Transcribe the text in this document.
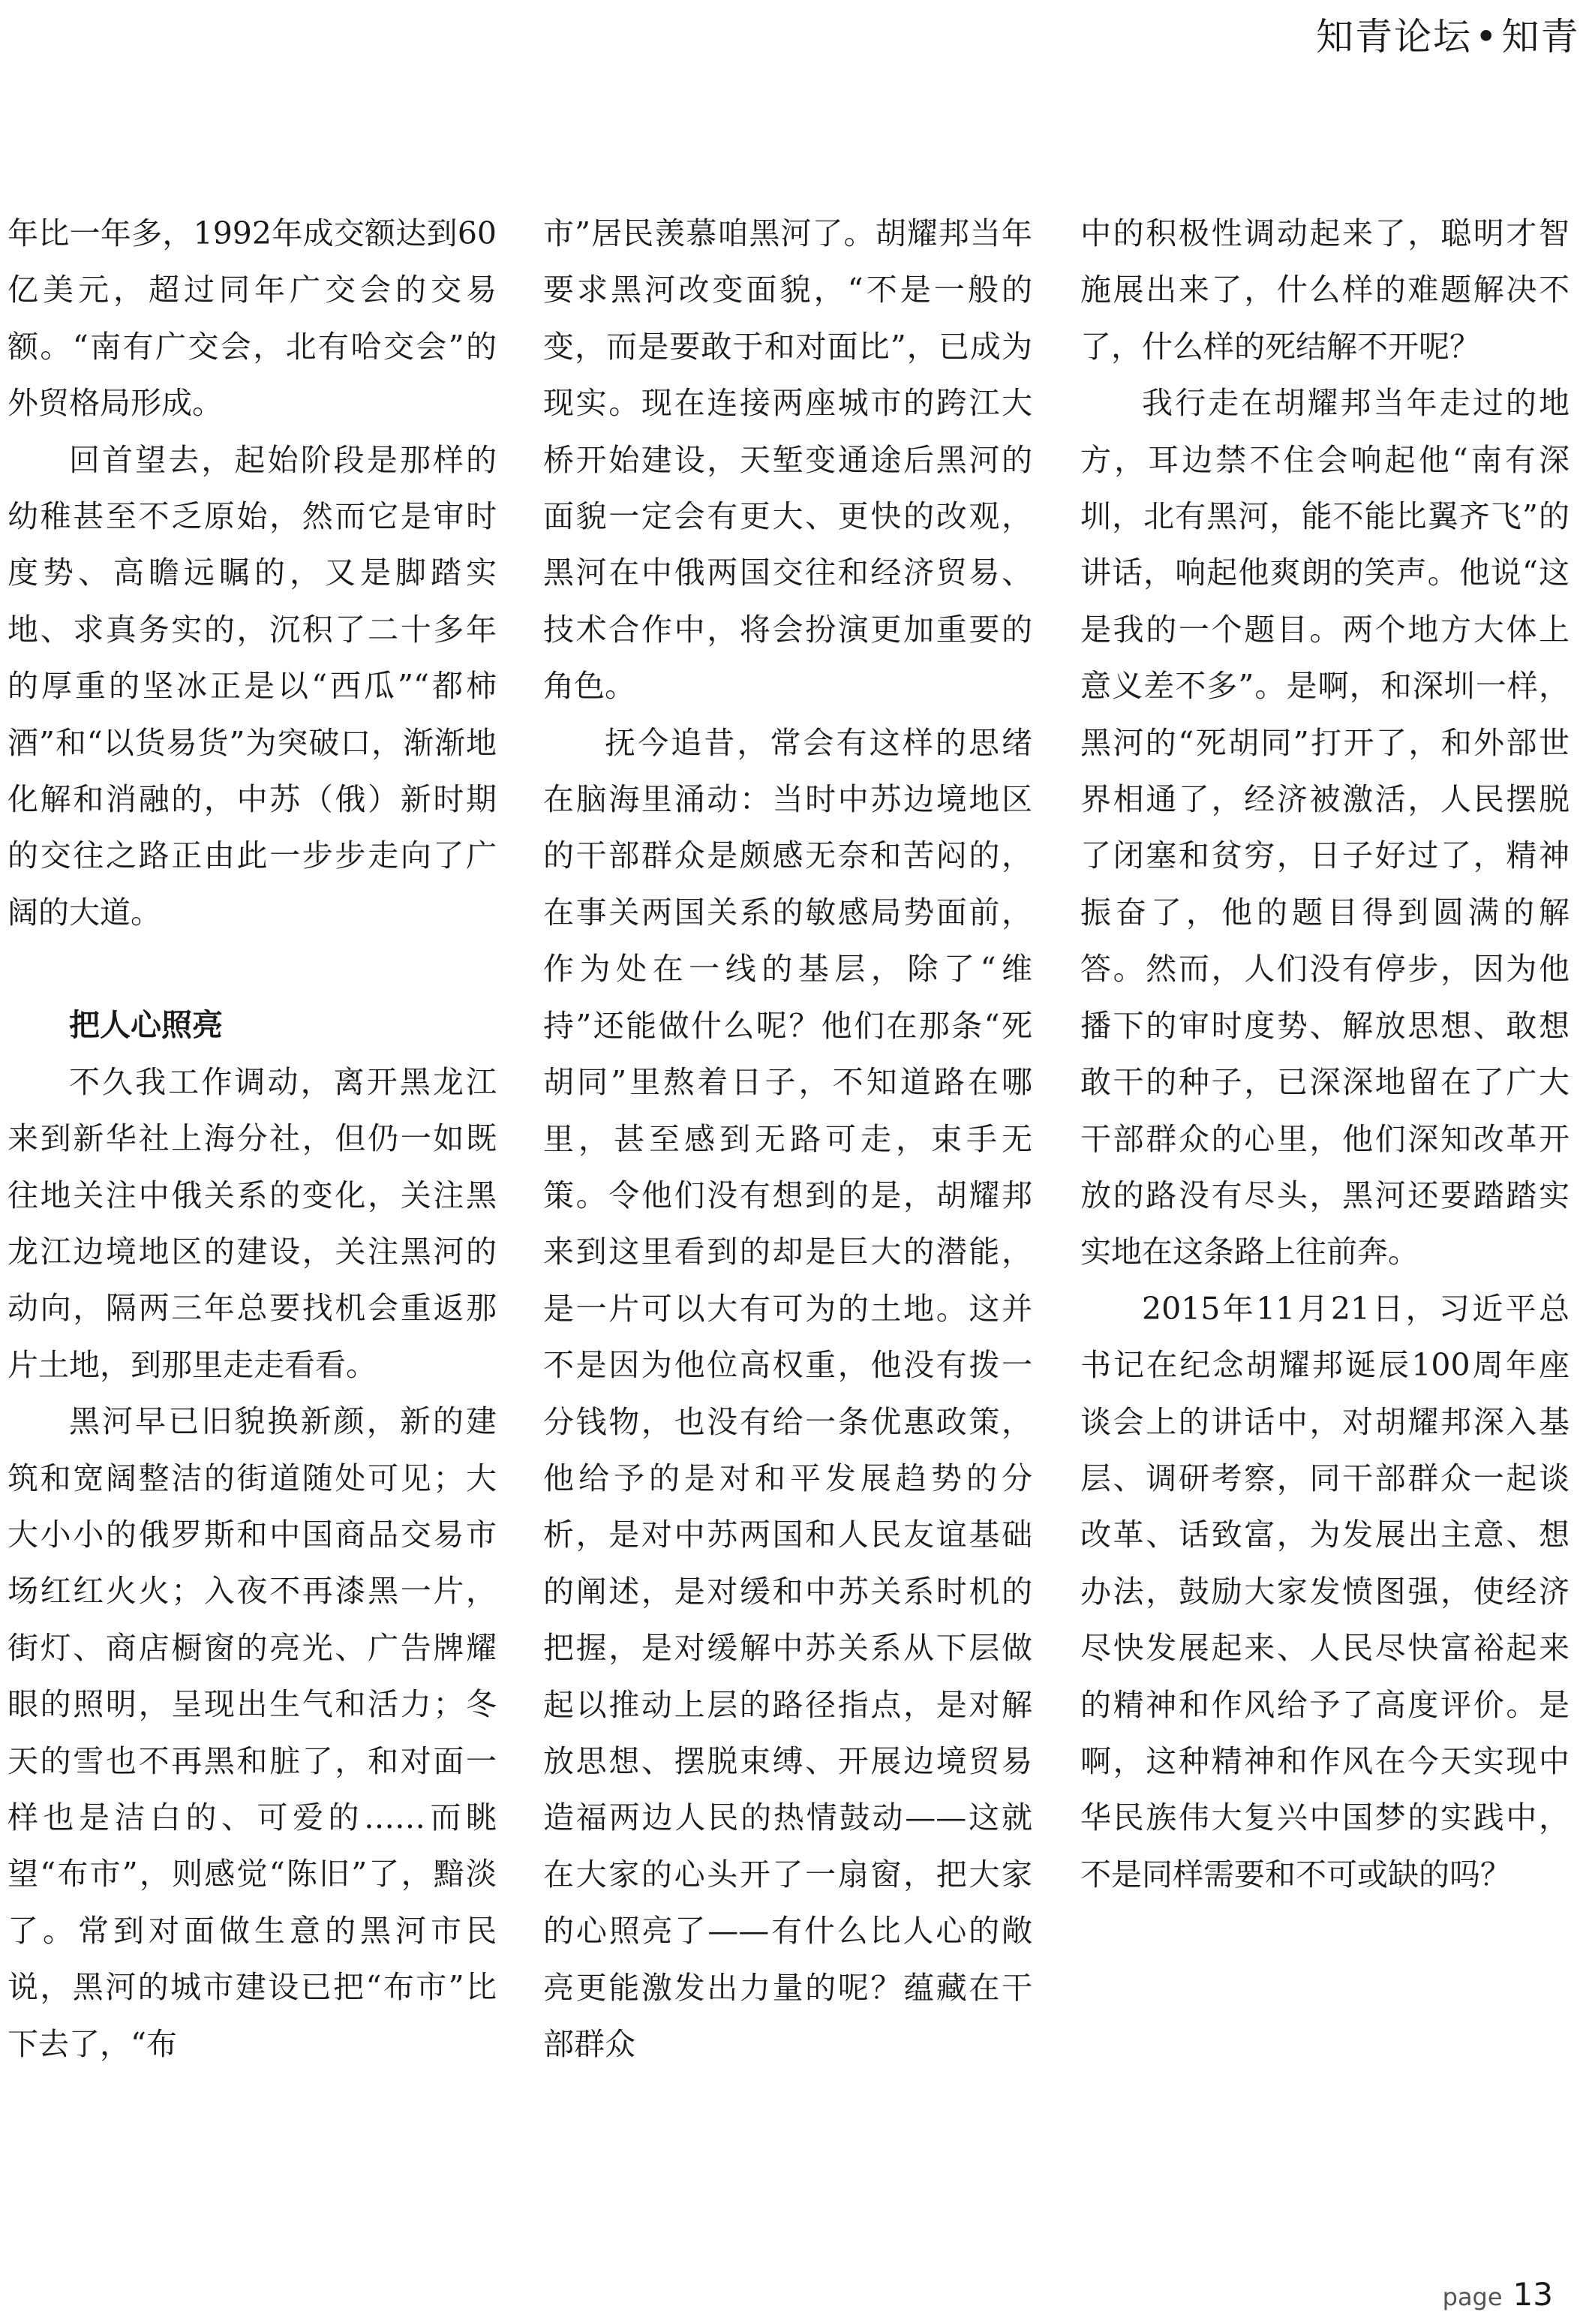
知青论坛•知青

年比一年多，1992年成交额达到60亿美元，超过同年广交会的交易额。“南有广交会，北有哈交会”的外贸格局形成。

回首望去，起始阶段是那样的幼稚甚至不乏原始，然而它是审时度势、高瞻远瞩的，又是脚踏实地、求真务实的，沉积了二十多年的厚重的坚冰正是以“西瓜”“都柿酒”和“以货易货”为突破口，渐渐地化解和消融的，中苏（俄）新时期的交往之路正由此一步步走向了广阔的大道。

把人心照亮

不久我工作调动，离开黑龙江来到新华社上海分社，但仍一如既往地关注中俄关系的变化，关注黑龙江边境地区的建设，关注黑河的动向，隔两三年总要找机会重返那片土地，到那里走走看看。

黑河早已旧貌换新颜，新的建筑和宽阔整洁的街道随处可见；大大小小的俄罗斯和中国商品交易市场红红火火；入夜不再漆黑一片，街灯、商店橱窗的亮光、广告牌耀眼的照明，呈现出生气和活力；冬天的雪也不再黑和脏了，和对面一样也是洁白的、可爱的……而眺望“布市”，则感觉“陈旧”了，黯淡了。常到对面做生意的黑河市民说，黑河的城市建设已把“布市”比下去了，“布

市”居民羡慕咱黑河了。胡耀邦当年要求黑河改变面貌，“不是一般的变，而是要敢于和对面比”，已成为现实。现在连接两座城市的跨江大桥开始建设，天堑变通途后黑河的面貌一定会有更大、更快的改观，黑河在中俄两国交往和经济贸易、技术合作中，将会扮演更加重要的角色。

抚今追昔，常会有这样的思绪在脑海里涌动：当时中苏边境地区的干部群众是颇感无奈和苦闷的，在事关两国关系的敏感局势面前，作为处在一线的基层，除了“维持”还能做什么呢？他们在那条“死胡同”里熬着日子，不知道路在哪里，甚至感到无路可走，束手无策。令他们没有想到的是，胡耀邦来到这里看到的却是巨大的潜能，是一片可以大有可为的土地。这并不是因为他位高权重，他没有拨一分钱物，也没有给一条优惠政策，他给予的是对和平发展趋势的分析，是对中苏两国和人民友谊基础的阐述，是对缓和中苏关系时机的把握，是对缓解中苏关系从下层做起以推动上层的路径指点，是对解放思想、摆脱束缚、开展边境贸易造福两边人民的热情鼓动——这就在大家的心头开了一扇窗，把大家的心照亮了——有什么比人心的敞亮更能激发出力量的呢？蕴藏在干部群众

中的积极性调动起来了，聪明才智施展出来了，什么样的难题解决不了，什么样的死结解不开呢？

我行走在胡耀邦当年走过的地方，耳边禁不住会响起他“南有深圳，北有黑河，能不能比翼齐飞”的讲话，响起他爽朗的笑声。他说“这是我的一个题目。两个地方大体上意义差不多”。是啊，和深圳一样，黑河的“死胡同”打开了，和外部世界相通了，经济被激活，人民摆脱了闭塞和贫穷，日子好过了，精神振奋了，他的题目得到圆满的解答。然而，人们没有停步，因为他播下的审时度势、解放思想、敢想敢干的种子，已深深地留在了广大干部群众的心里，他们深知改革开放的路没有尽头，黑河还要踏踏实实地在这条路上往前奔。

2015年11月21日，习近平总书记在纪念胡耀邦诞辰100周年座谈会上的讲话中，对胡耀邦深入基层、调研考察，同干部群众一起谈改革、话致富，为发展出主意、想办法，鼓励大家发愤图强，使经济尽快发展起来、人民尽快富裕起来的精神和作风给予了高度评价。是啊，这种精神和作风在今天实现中华民族伟大复兴中国梦的实践中，不是同样需要和不可或缺的吗？

page 13
